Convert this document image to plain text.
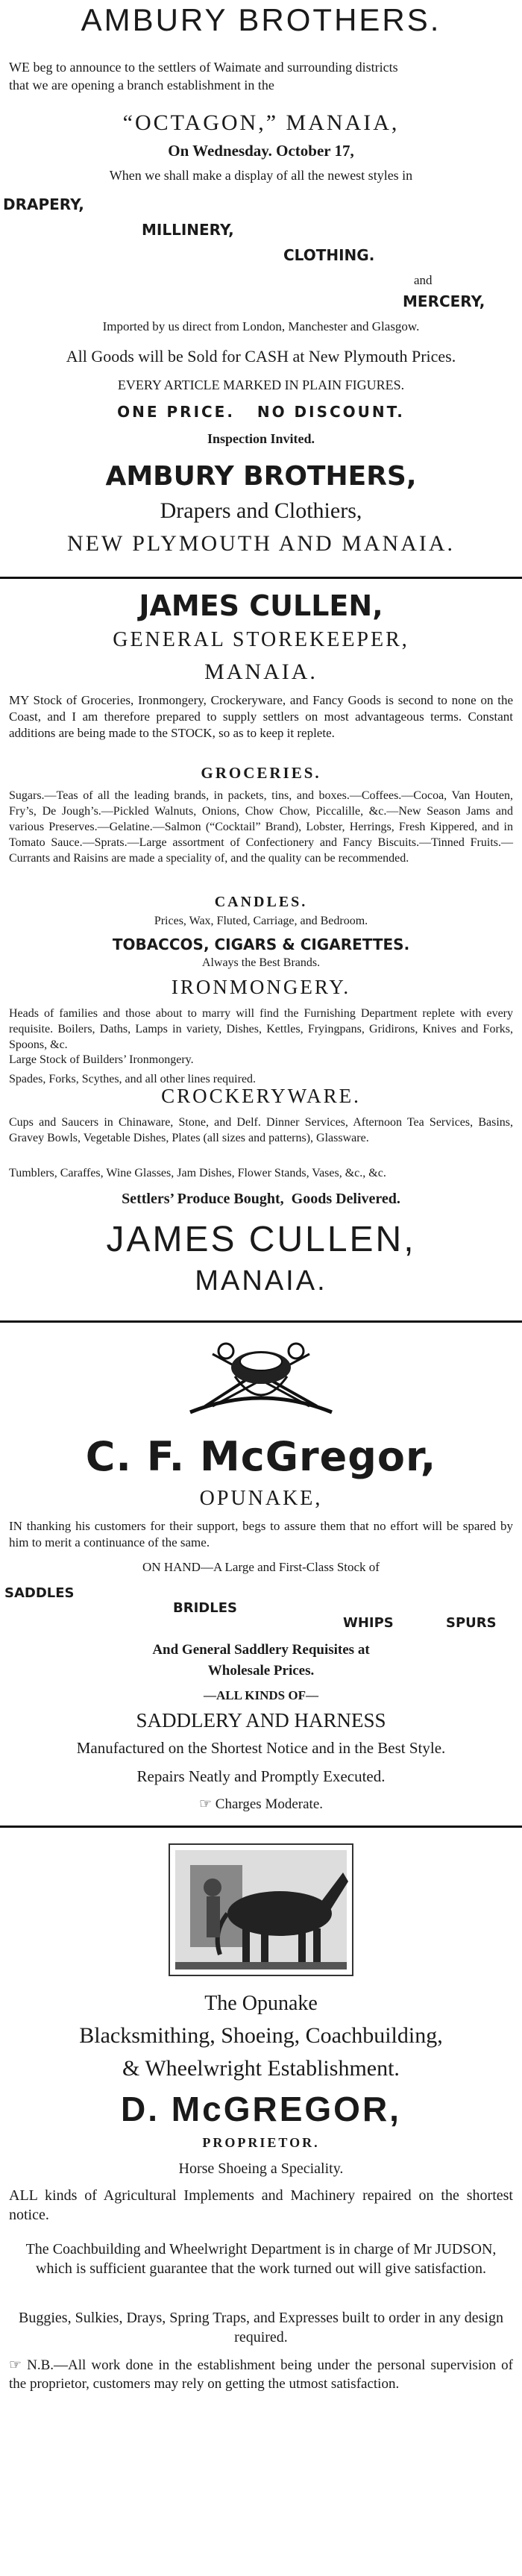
AMBURY BROTHERS.

WE beg to announce to the settlers of Waimate and surrounding districts

that we are opening a branch establishment in the

“OCTAGON,” MANAIA,

On Wednesday. October 17,

When we shall make a display of all the newest styles in

DRAPERY,

MILLINERY,

CLOTHING.

and

MERCERY,

Imported by us direct from London, Manchester and Glasgow.

All Goods will be Sold for CASH at New Plymouth Prices.

EVERY ARTICLE MARKED IN PLAIN FIGURES.

ONE PRICE. NO DISCOUNT.

Inspection Invited.

AMBURY BROTHERS,

Drapers and Clothiers,

NEW PLYMOUTH AND MANAIA.

JAMES CULLEN,

GENERAL STOREKEEPER,

MANAIA.

MY Stock of Groceries, Ironmongery, Crockeryware, and Fancy Goods is second to none on the Coast, and I am therefore prepared to supply settlers on most advantageous terms. Constant additions are being made to the STOCK, so as to keep it replete.

GROCERIES.

Sugars.—Teas of all the leading brands, in packets, tins, and boxes.—Coffees.—Cocoa, Van Houten, Fry’s, De Jough’s.—Pickled Walnuts, Onions, Chow Chow, Piccalille, &c.—New Season Jams and various Preserves.—Gelatine.—Salmon (“Cocktail” Brand), Lobster, Herrings, Fresh Kippered, and in Tomato Sauce.—Sprats.—Large assortment of Confectionery and Fancy Biscuits.—Tinned Fruits.—Currants and Raisins are made a speciality of, and the quality can be recommended.

CANDLES.

Prices, Wax, Fluted, Carriage, and Bedroom.

TOBACCOS, CIGARS & CIGARETTES.

Always the Best Brands.

IRONMONGERY.

Heads of families and those about to marry will find the Furnishing Department replete with every requisite. Boilers, Daths, Lamps in variety, Dishes, Kettles, Fryingpans, Gridirons, Knives and Forks, Spoons, &c.

Large Stock of Builders’ Ironmongery.

Spades, Forks, Scythes, and all other lines required.

CROCKERYWARE.

Cups and Saucers in Chinaware, Stone, and Delf. Dinner Services, Afternoon Tea Services, Basins, Gravey Bowls, Vegetable Dishes, Plates (all sizes and patterns), Glassware.

Tumblers, Caraffes, Wine Glasses, Jam Dishes, Flower Stands, Vases, &c., &c.

Settlers’ Produce Bought, Goods Delivered.

JAMES CULLEN,

MANAIA.

C. F. McGregor,

OPUNAKE,

IN thanking his customers for their support, begs to assure them that no effort will be spared by him to merit a continuance of the same.

ON HAND—A Large and First-Class Stock of

SADDLES

BRIDLES

WHIPS	SPURS

And General Saddlery Requisites at

Wholesale Prices.

—ALL KINDS OF—

SADDLERY AND HARNESS

Manufactured on the Shortest Notice and in the Best Style.

Repairs Neatly and Promptly Executed.

☞ Charges Moderate.

The Opunake

Blacksmithing, Shoeing, Coachbuilding,

& Wheelwright Establishment.

D. McGREGOR,

PROPRIETOR.

Horse Shoeing a Speciality.

ALL kinds of Agricultural Implements and Machinery repaired on the shortest notice.

The Coachbuilding and Wheelwright Department is in charge of Mr JUDSON, which is sufficient guarantee that the work turned out will give satisfaction.

Buggies, Sulkies, Drays, Spring Traps, and Expresses built to order in any design required.

☞ N.B.—All work done in the establishment being under the personal supervision of the proprietor, customers may rely on getting the utmost satisfaction.
